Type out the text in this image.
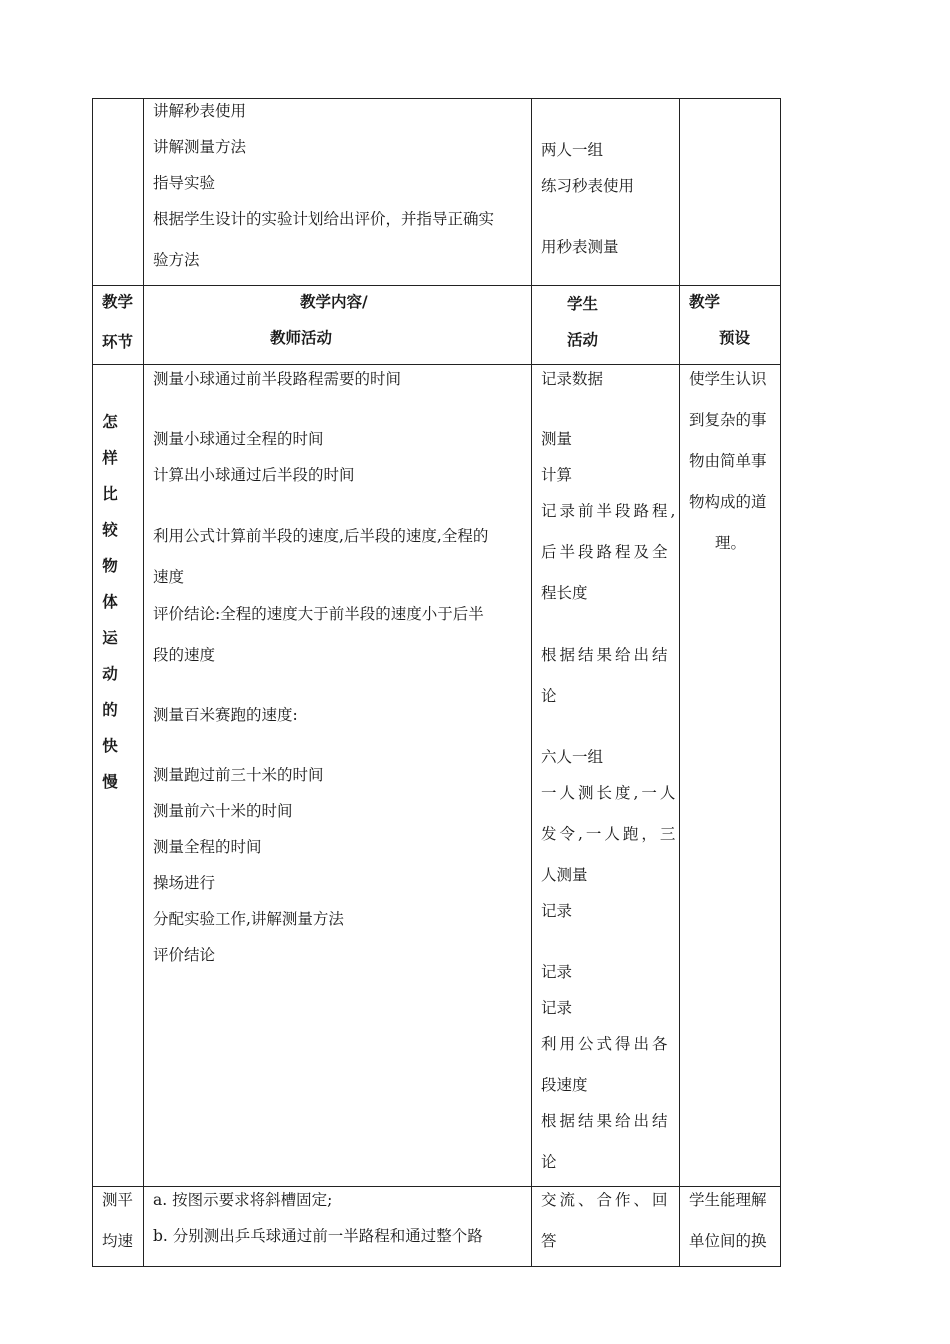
讲解秒表使用
讲解测量方法
指导实验
根据学生设计的实验计划给出评价，并指导正确实
验方法
两人一组
练习秒表使用
用秒表测量
教学
环节
教学内容/
教师活动
学生
活动
教学
预设
怎样比较物体运动的快慢
测量小球通过前半段路程需要的时间
测量小球通过全程的时间
计算出小球通过后半段的时间
利用公式计算前半段的速度,后半段的速度,全程的
速度
评价结论:全程的速度大于前半段的速度小于后半
段的速度
测量百米赛跑的速度:
测量跑过前三十米的时间
测量前六十米的时间
测量全程的时间
操场进行
分配实验工作,讲解测量方法
评价结论
记录数据
测量
计算
记录前半段路程,
后半段路程及全
程长度
根据结果给出结
论
六人一组
一人测长度,一人
发令,一人跑，三
人测量
记录
记录
记录
利用公式得出各
段速度
根据结果给出结
论
使学生认识
到复杂的事
物由简单事
物构成的道
理。
测平
均速
a. 按图示要求将斜槽固定;
b. 分别测出乒乓球通过前一半路程和通过整个路
交流、合作、回
答
学生能理解
单位间的换
